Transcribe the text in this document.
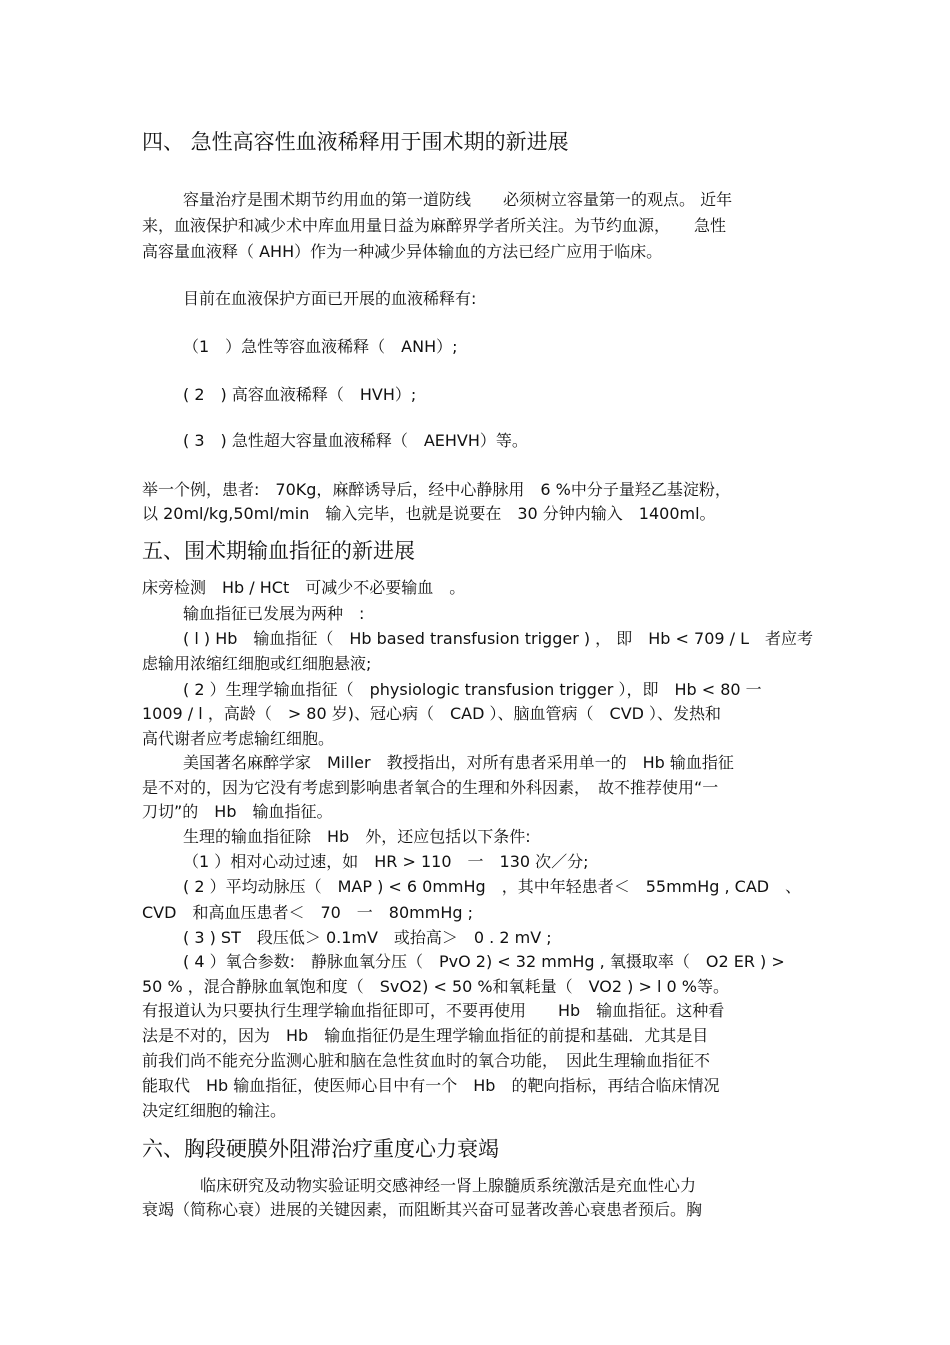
四、 急性高容性血液稀释用于围术期的新进展
容量治疗是围术期节约用血的第一道防线　　必须树立容量第一的观点。 近年
来，血液保护和减少术中库血用量日益为麻醉界学者所关注。为节约血源，　　急性
高容量血液释（ AHH）作为一种减少异体输血的方法已经广应用于临床。
目前在血液保护方面已开展的血液稀释有:
（1　）急性等容血液稀释（　ANH）;
( 2　) 高容血液稀释（　HVH）;
( 3　) 急性超大容量血液稀释（　AEHVH）等。
举一个例，患者:　70Kg，麻醉诱导后，经中心静脉用　6 %中分子量羟乙基淀粉，
以 20ml/kg,50ml/min　输入完毕，也就是说要在　30 分钟内输入　1400ml。
五、围术期输血指征的新进展
床旁检测　Hb / HCt　可减少不必要输血　。
输血指征已发展为两种　:
( l ) Hb　输血指征（　Hb based transfusion trigger ) ， 即　Hb < 709 / L　者应考
虑输用浓缩红细胞或红细胞悬液;
( 2 ）生理学输血指征（　physiologic transfusion trigger ），即　Hb < 80 一
1009 / l ，高龄（　> 80 岁)、冠心病（　CAD ）、脑血管病（　CVD ）、发热和
高代谢者应考虑输红细胞。
美国著名麻醉学家　Miller　教授指出，对所有患者采用单一的　Hb 输血指征
是不对的，因为它没有考虑到影响患者氧合的生理和外科因素，　故不推荐使用“一
刀切”的　Hb　输血指征。
生理的输血指征除　Hb　外，还应包括以下条件:
（1 ）相对心动过速，如　HR > 110　一　130 次／分;
( 2 ）平均动脉压（　MAP ) < 6 0mmHg　，其中年轻患者＜　55mmHg , CAD　、
CVD　和高血压患者＜　70　一　80mmHg ;
( 3 ) ST　段压低＞ 0.1mV　或抬高＞　0 . 2 mV ;
( 4 ）氧合参数:　静脉血氧分压（　PvO 2) < 32 mmHg , 氧摄取率（　O2 ER ) >
50 % ，混合静脉血氧饱和度（　SvO2) < 50 %和氧耗量（　VO2 ) > l 0 %等。
有报道认为只要执行生理学输血指征即可，不要再使用　　Hb　输血指征。这种看
法是不对的，因为　Hb　输血指征仍是生理学输血指征的前提和基础．尤其是目
前我们尚不能充分监测心脏和脑在急性贫血时的氧合功能，　因此生理输血指征不
能取代　Hb 输血指征，使医师心目中有一个　Hb　的靶向指标，再结合临床情况
决定红细胞的输注。
六、胸段硬膜外阻滞治疗重度心力衰竭
临床研究及动物实验证明交感神经一肾上腺髓质系统激活是充血性心力
衰竭（简称心衰）进展的关键因素，而阻断其兴奋可显著改善心衰患者预后。胸
